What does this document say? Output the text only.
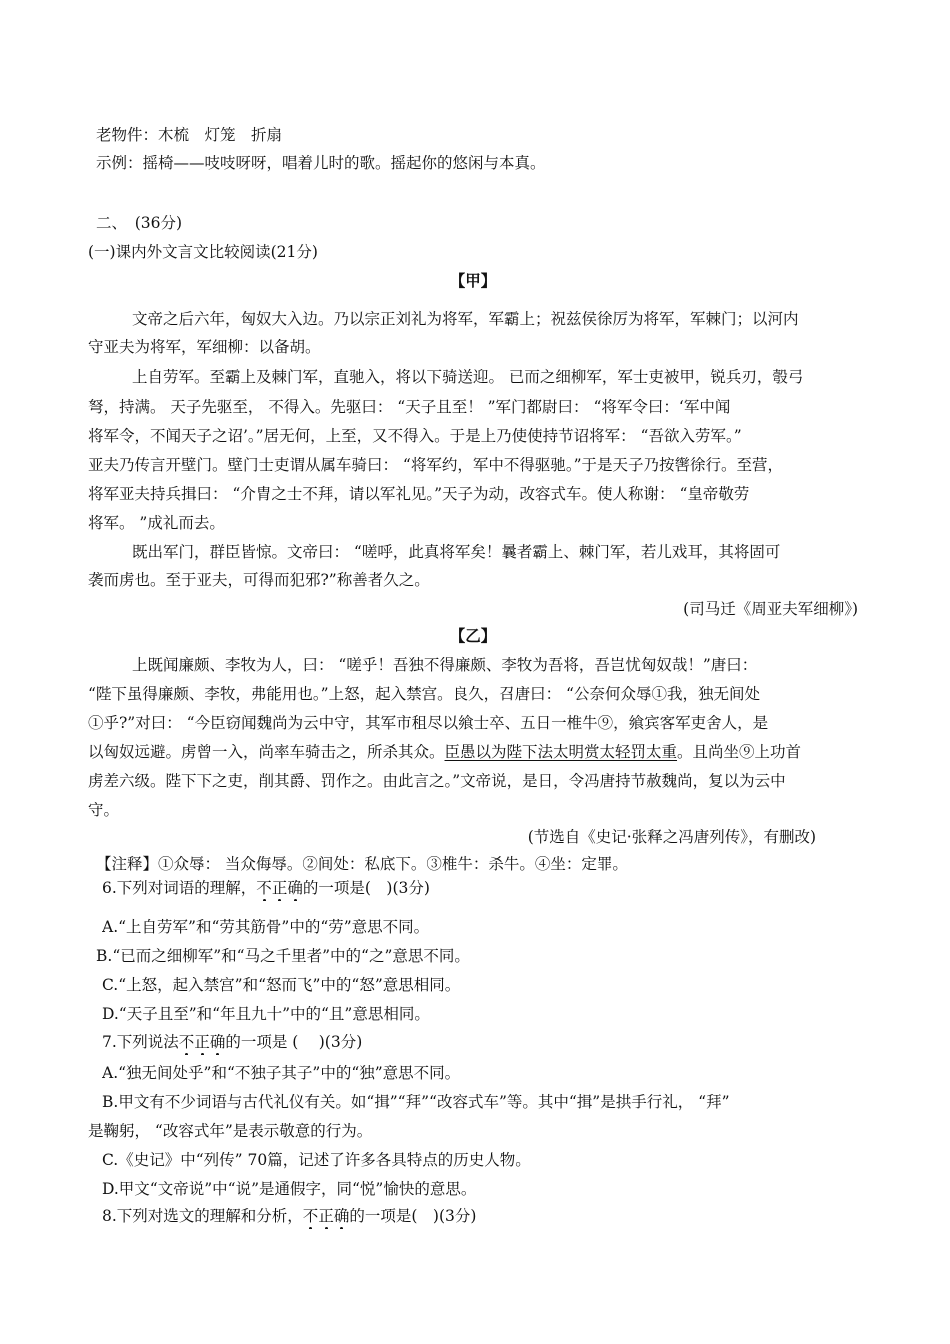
老物件：木梳　灯笼　折扇
示例：摇椅——吱吱呀呀，唱着儿时的歌。摇起你的悠闲与本真。
二、　(36分)
(一)课内外文言文比较阅读(21分)
【甲】
文帝之后六年，匈奴大入边。乃以宗正刘礼为将军，军霸上；祝兹侯徐厉为将军，军棘门；以河内
守亚夫为将军，军细柳：以备胡。
上自劳军。至霸上及棘门军，直驰入，将以下骑送迎。 已而之细柳军，军士吏被甲，锐兵刃，彀弓
弩，持满。 天子先驱至， 不得入。先驱曰： “天子且至！ ”军门都尉曰： “将军令曰：‘军中闻
将军令，不闻天子之诏’。”居无何，上至，又不得入。于是上乃使使持节诏将军： “吾欲入劳军。”
亚夫乃传言开壁门。壁门士吏谓从属车骑曰： “将军约，军中不得驱驰。”于是天子乃按辔徐行。至营，
将军亚夫持兵揖曰： “介胄之士不拜，请以军礼见。”天子为动，改容式车。使人称谢： “皇帝敬劳
将军。 ”成礼而去。
既出军门，群臣皆惊。文帝曰： “嗟呼，此真将军矣！曩者霸上、棘门军，若儿戏耳，其将固可
袭而虏也。至于亚夫，可得而犯邪?”称善者久之。
(司马迁《周亚夫军细柳》)
【乙】
上既闻廉颇、李牧为人，曰： “嗟乎！吾独不得廉颇、李牧为吾将，吾岂忧匈奴哉！”唐曰：
“陛下虽得廉颇、李牧，弗能用也。”上怒，起入禁宫。良久，召唐曰： “公奈何众辱①我，独无间处
①乎?”对曰： “今臣窃闻魏尚为云中守，其军市租尽以飨士卒、五日一椎牛⑨，飨宾客军吏舍人，是
以匈奴远避。虏曾一入，尚率车骑击之，所杀其众。臣愚以为陛下法太明赏太轻罚太重。且尚坐⑨上功首
虏差六级。陛下下之吏，削其爵、罚作之。由此言之。”文帝说，是日，令冯唐持节赦魏尚，复以为云中
守。
(节选自《史记·张释之冯唐列传》，有删改)
【注释】①众辱： 当众侮辱。②间处：私底下。③椎牛：杀牛。④坐：定罪。
6.下列对词语的理解，不正确的一项是(　)(3分)
A.“上自劳军”和“劳其筋骨”中的“劳”意思不同。
B.“已而之细柳军”和“马之千里者”中的“之”意思不同。
C.“上怒，起入禁宫”和“怒而飞”中的“怒”意思相同。
D.“天子且至”和“年且九十”中的“且”意思相同。
7.下列说法不正确的一项是 (　 )(3分)
A.“独无间处乎”和“不独子其子”中的“独”意思不同。
B.甲文有不少词语与古代礼仪有关。如“揖”“拜”“改容式车”等。其中“揖”是拱手行礼， “拜”
是鞠躬， “改容式年”是表示敬意的行为。
C.《史记》中“列传” 70篇，记述了许多各具特点的历史人物。
D.甲文“文帝说”中“说”是通假字，同“悦”愉快的意思。
8.下列对选文的理解和分析，不正确的一项是(　)(3分)
